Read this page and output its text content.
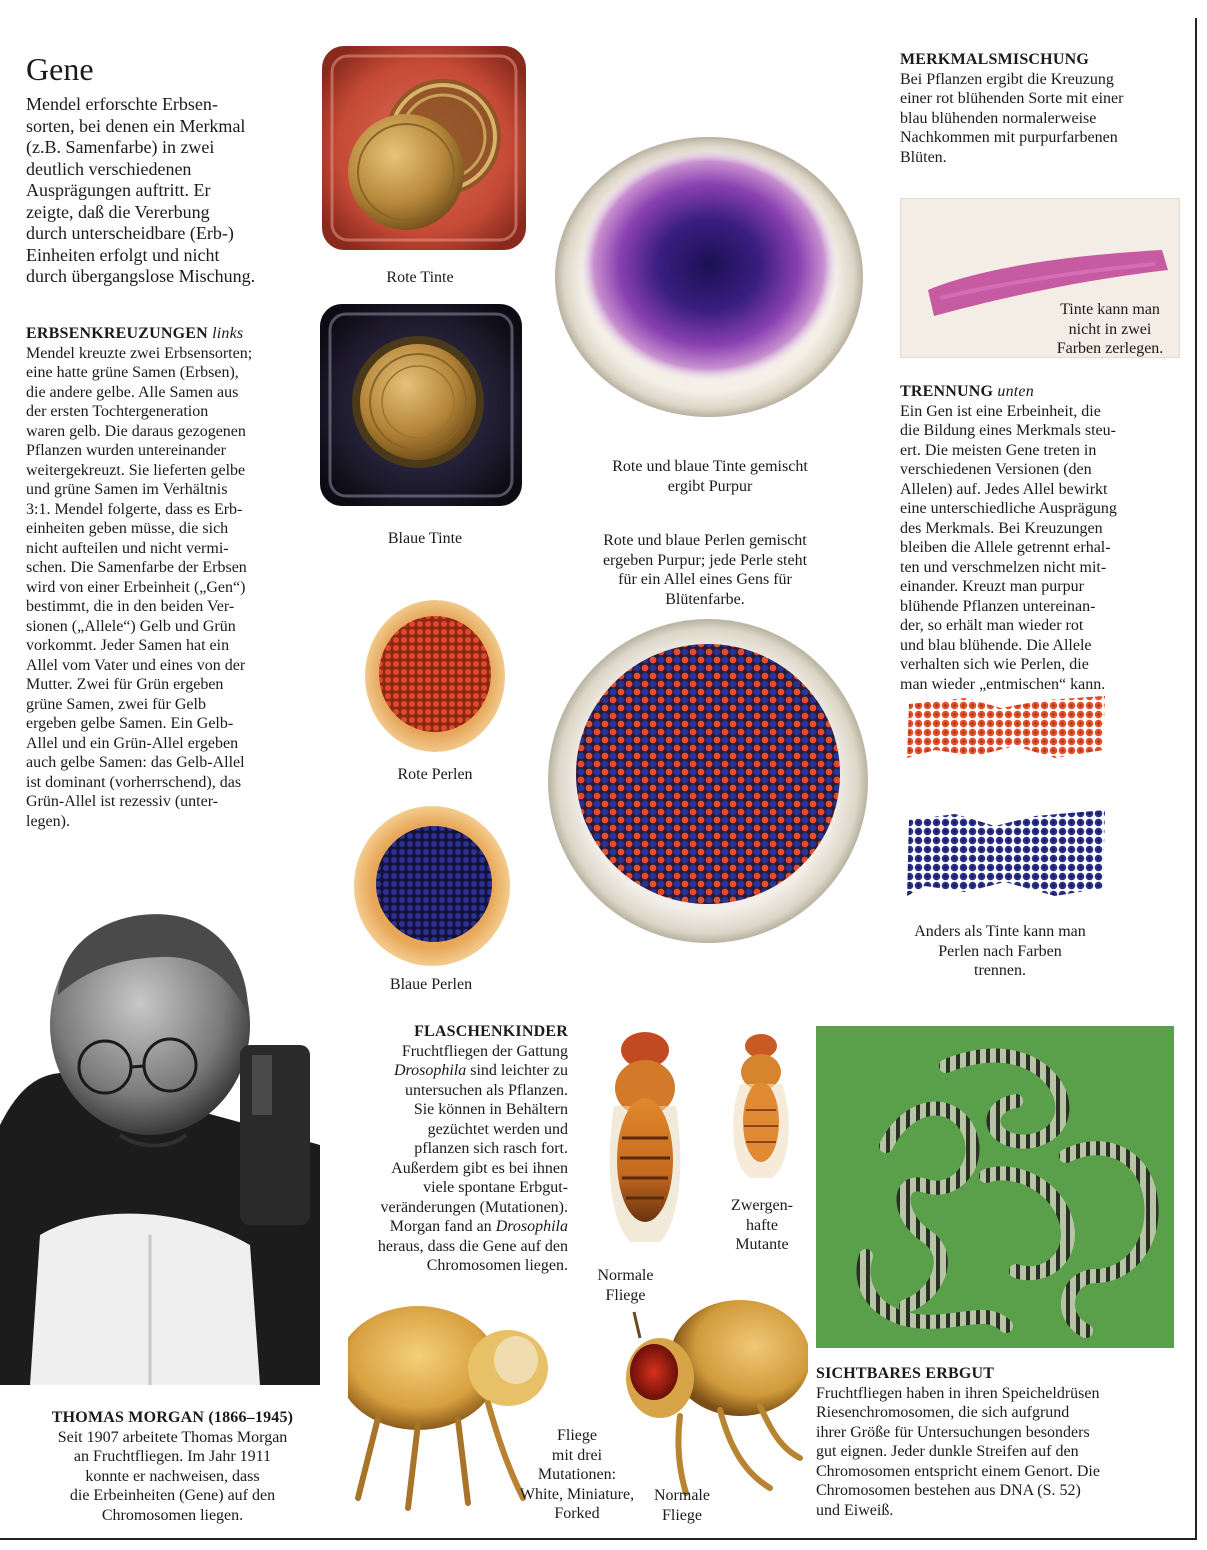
Gene

Mendel erforschte Erbsen-

sorten, bei denen ein Merkmal

(z.B. Samenfarbe) in zwei

deutlich verschiedenen

Ausprägungen auftritt. Er

zeigte, daß die Vererbung

durch unterscheidbare (Erb-)

Einheiten erfolgt und nicht

durch übergangslose Mischung.

ERBSENKREUZUNGEN links

Mendel kreuzte zwei Erbsensorten;

eine hatte grüne Samen (Erbsen),

die andere gelbe. Alle Samen aus

der ersten Tochtergeneration

waren gelb. Die daraus gezogenen

Pflanzen wurden untereinander

weitergekreuzt. Sie lieferten gelbe

und grüne Samen im Verhältnis

3:1. Mendel folgerte, dass es Erb-

einheiten geben müsse, die sich

nicht aufteilen und nicht vermi-

schen. Die Samenfarbe der Erbsen

wird von einer Erbeinheit („Gen“)

bestimmt, die in den beiden Ver-

sionen („Allele“) Gelb und Grün

vorkommt. Jeder Samen hat ein

Allel vom Vater und eines von der

Mutter. Zwei für Grün ergeben

grüne Samen, zwei für Gelb

ergeben gelbe Samen. Ein Gelb-

Allel und ein Grün-Allel ergeben

auch gelbe Samen: das Gelb-Allel

ist dominant (vorherrschend), das

Grün-Allel ist rezessiv (unter-

legen).

Rote Tinte
Blaue Tinte
Rote Perlen
Blaue Perlen

Rote und blaue Tinte gemischt

ergibt Purpur

Rote und blaue Perlen gemischt

ergeben Purpur; jede Perle steht

für ein Allel eines Gens für

Blütenfarbe.

MERKMALSMISCHUNG

Bei Pflanzen ergibt die Kreuzung

einer rot blühenden Sorte mit einer

blau blühenden normalerweise

Nachkommen mit purpurfarbenen

Blüten.

Tinte kann man

nicht in zwei

Farben zerlegen.

TRENNUNG unten

Ein Gen ist eine Erbeinheit, die

die Bildung eines Merkmals steu-

ert. Die meisten Gene treten in

verschiedenen Versionen (den

Allelen) auf. Jedes Allel bewirkt

eine unterschiedliche Ausprägung

des Merkmals. Bei Kreuzungen

bleiben die Allele getrennt erhal-

ten und verschmelzen nicht mit-

einander. Kreuzt man purpur

blühende Pflanzen untereinan-

der, so erhält man wieder rot

und blau blühende. Die Allele

verhalten sich wie Perlen, die

man wieder „entmischen“ kann.

Anders als Tinte kann man

Perlen nach Farben

trennen.

THOMAS MORGAN (1866–1945)

Seit 1907 arbeitete Thomas Morgan

an Fruchtfliegen. Im Jahr 1911

konnte er nachweisen, dass

die Erbeinheiten (Gene) auf den

Chromosomen liegen.

FLASCHENKINDER

Fruchtfliegen der Gattung

Drosophila sind leichter zu

untersuchen als Pflanzen.

Sie können in Behältern

gezüchtet werden und

pflanzen sich rasch fort.

Außerdem gibt es bei ihnen

viele spontane Erbgut-

veränderungen (Mutationen).

Morgan fand an Drosophila

heraus, dass die Gene auf den

Chromosomen liegen.

Normale

Fliege

Zwergen-

hafte

Mutante

Fliege

mit drei

Mutationen:

White, Miniature,

Forked

Normale

Fliege

SICHTBARES ERBGUT

Fruchtfliegen haben in ihren Speicheldrüsen

Riesenchromosomen, die sich aufgrund

ihrer Größe für Untersuchungen besonders

gut eignen. Jeder dunkle Streifen auf den

Chromosomen entspricht einem Genort. Die

Chromosomen bestehen aus DNA (S. 52)

und Eiweiß.
